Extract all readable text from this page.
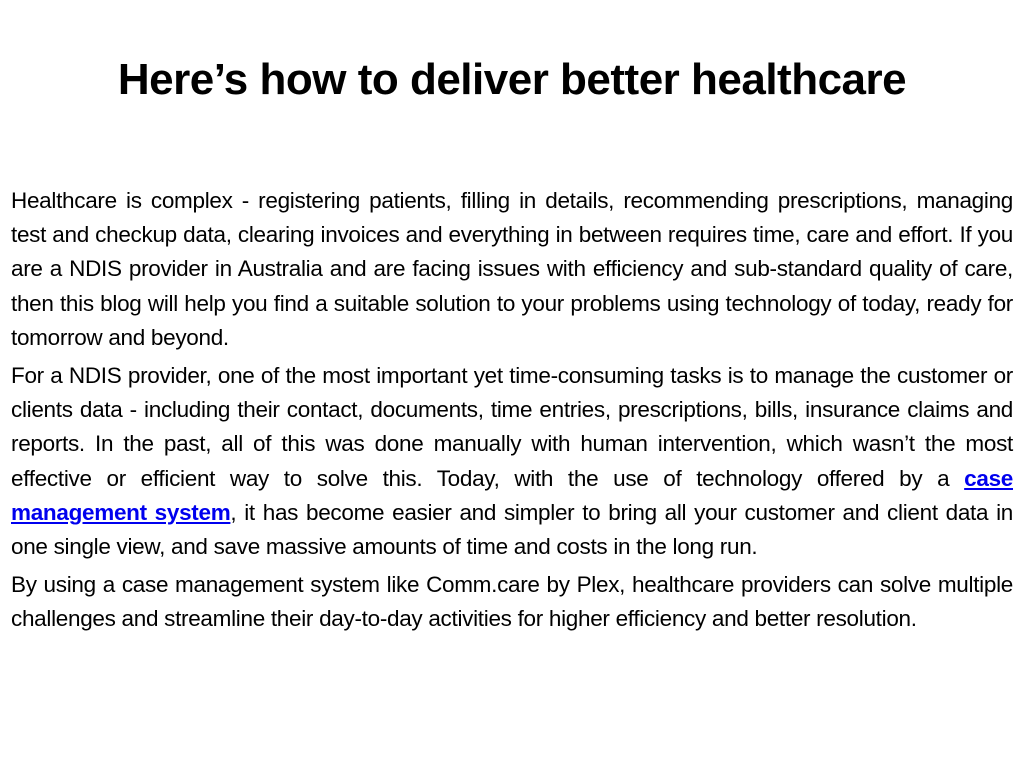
Here’s how to deliver better healthcare

Healthcare is complex - registering patients, filling in details, recommending prescriptions, managing test and checkup data, clearing invoices and everything in between requires time, care and effort. If you are a NDIS provider in Australia and are facing issues with efficiency and sub-standard quality of care, then this blog will help you find a suitable solution to your problems using technology of today, ready for tomorrow and beyond.

For a NDIS provider, one of the most important yet time-consuming tasks is to manage the customer or clients data - including their contact, documents, time entries, prescriptions, bills, insurance claims and reports. In the past, all of this was done manually with human intervention, which wasn’t the most effective or efficient way to solve this. Today, with the use of technology offered by a case management system, it has become easier and simpler to bring all your customer and client data in one single view, and save massive amounts of time and costs in the long run.

By using a case management system like Comm.care by Plex, healthcare providers can solve multiple challenges and streamline their day-to-day activities for higher efficiency and better resolution.
